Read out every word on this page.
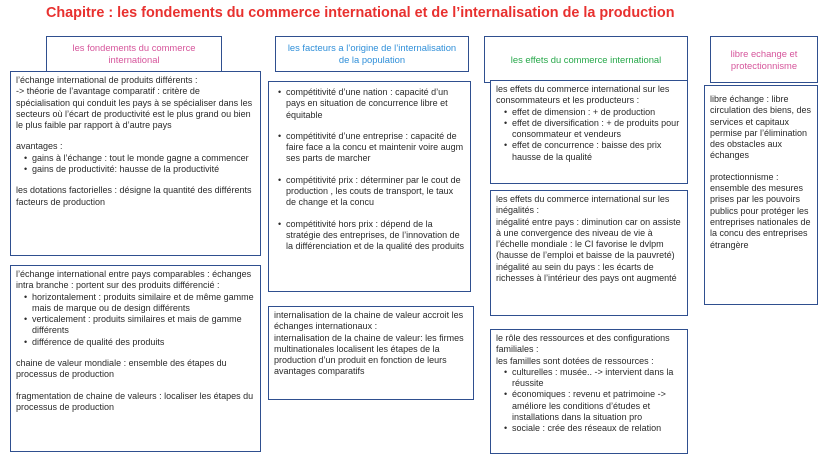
Chapitre : les fondements du commerce international et de l’internalisation de la production
les fondements du commerce international
les facteurs a l’origine de l’internalisation de la population	les effets du commerce international
libre echange et protectionnisme

l’échange international de produits différents :

-> théorie de l’avantage comparatif : critère de spécialisation qui conduit les pays à se spécialiser dans les secteurs où l’écart de productivité est le plus grand ou bien le plus faible par rapport à d’autre pays

avantages :

• gains à l’échange : tout le monde gagne a commencer
• gains de productivité: hausse de la productivité

les dotations factorielles : désigne la quantité des différents facteurs de production

l’échange international entre pays comparables : échanges intra branche : portent sur des produits différencié :

• horizontalement : produits similaire et de même gamme mais de marque ou de design différents
• verticalement : produits similaires et mais de gamme différents
• différence de qualité des produits

chaine de valeur mondiale : ensemble des étapes du processus de production

fragmentation de chaine de valeurs : localiser les étapes du processus de production

• compétitivité d’une nation : capacité d’un pays en situation de concurrence libre et équitable
• compétitivité d’une entreprise : capacité de faire face a la concu et maintenir voire augm ses parts de marcher
• compétitivité prix : déterminer par le cout de production , les couts de transport, le taux de change et la concu
• compétitivité hors prix : dépend de la stratégie des entreprises, de l’innovation de la différenciation et de la qualité des produits

internalisation de la chaine de valeur accroit les échanges internationaux :

internalisation de la chaine de valeur: les firmes multinationales localisent les étapes de la production d’un produit en fonction de leurs avantages comparatifs

les effets du commerce international sur les consommateurs et les producteurs :

• effet de dimension : + de production
• effet de diversification : + de produits pour consommateur et vendeurs
• effet de concurrence : baisse des prix hausse de la qualité

les effets du commerce international sur les inégalités :

inégalité entre pays : diminution car on assiste à une convergence des niveau de vie à l’échelle mondiale : le CI favorise le dvlpm (hausse de l’emploi et baisse de la pauvreté)

inégalité au sein du pays : les écarts de richesses à l’intérieur des pays ont augmenté

le rôle des ressources et des configurations familiales :

les familles sont dotées de ressources :

• culturelles : musée.. -> intervient dans la réussite
• économiques : revenu et patrimoine -> améliore les conditions d’études et installations dans la situation pro
• sociale : crée des réseaux de relation

libre échange : libre circulation des biens, des services et capitaux permise par l’élimination des obstacles aux échanges

protectionnisme : ensemble des mesures prises par les pouvoirs publics pour protéger les entreprises nationales de la concu des entreprises étrangère
